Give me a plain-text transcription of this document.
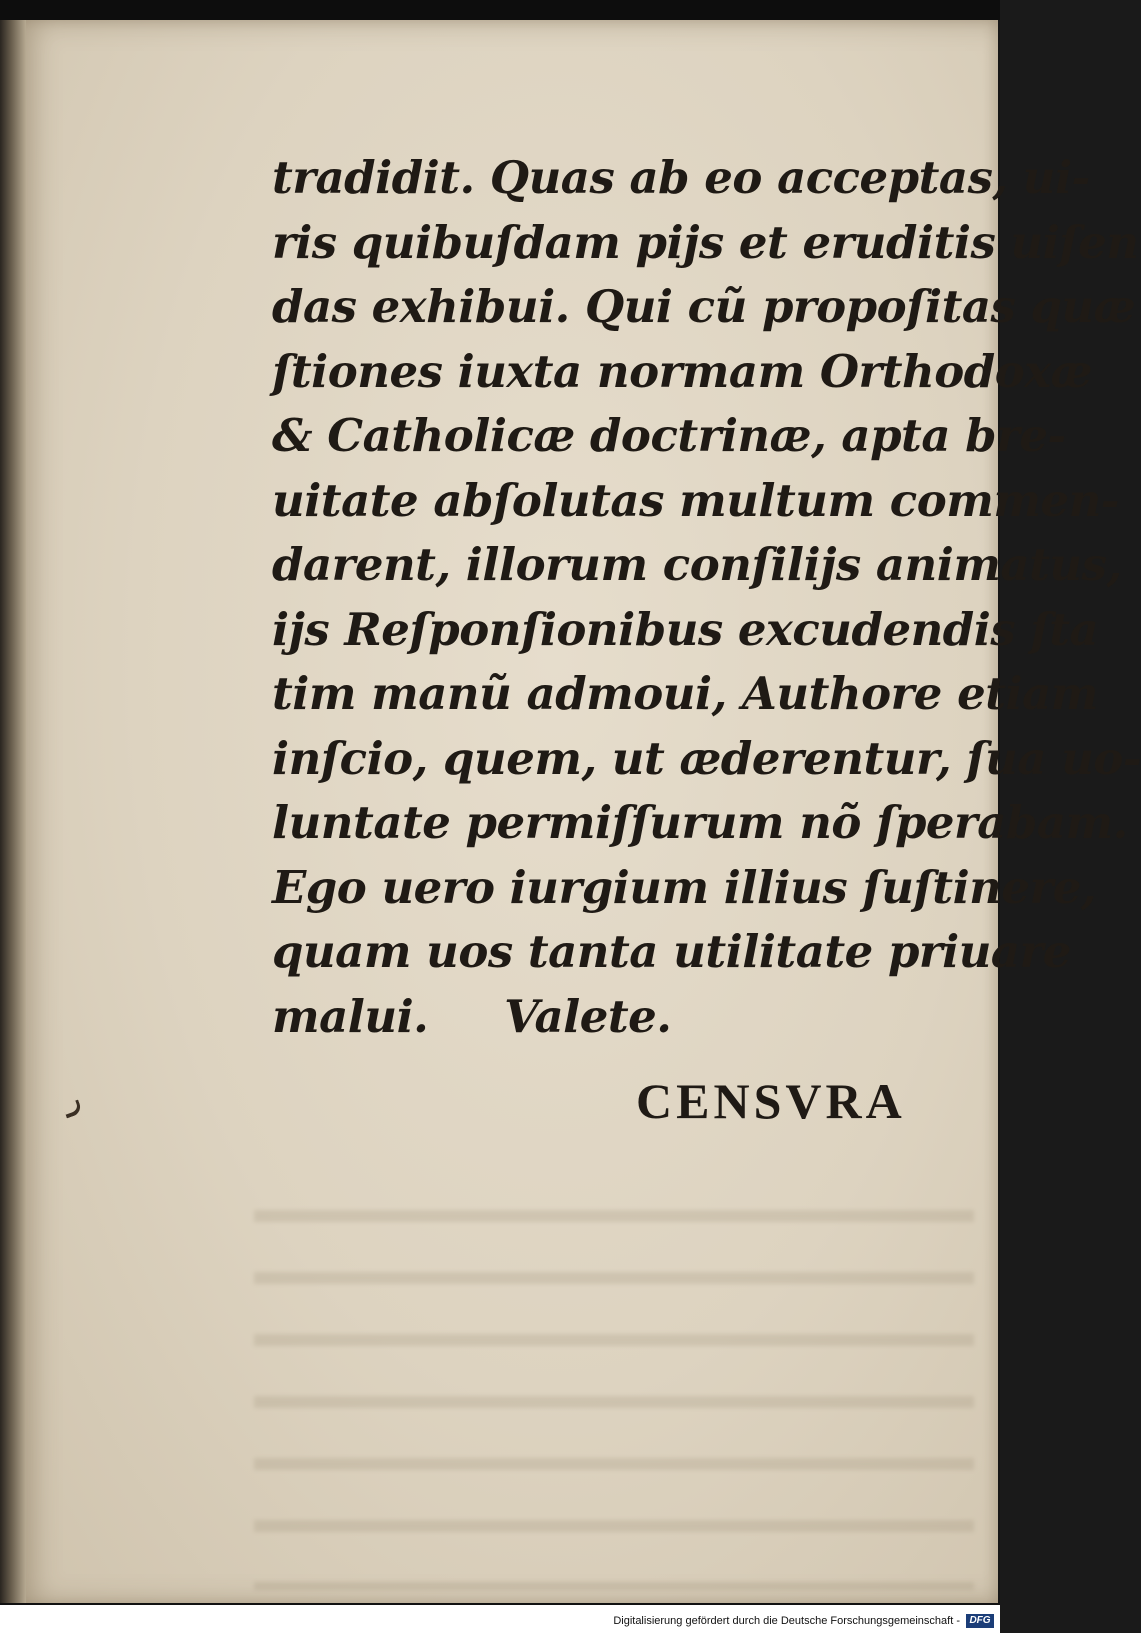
tradidit. Quas ab eo acceptas, ui-
ris quibuſdam pijs et eruditis uiſen
das exhibui. Qui cũ propoſitas quæ
ſtiones iuxta normam Orthodoxæ
& Catholicæ doctrinæ, apta bre-
uitate abſolutas multum commen-
darent, illorum conſilijs animatus,
ijs Reſponſionibus excudendis ſta
tim manũ admoui, Authore etiam
inſcio, quem, ut æderentur, ſua uo-
luntate permiſſurum nõ ſperabam.
Ego uero iurgium illius ſuſtinere,
quam uos tanta utilitate priuare
malui.     Valete.
CENSVRA
Digitalisierung gefördert durch die Deutsche Forschungsgemeinschaft - DFG
